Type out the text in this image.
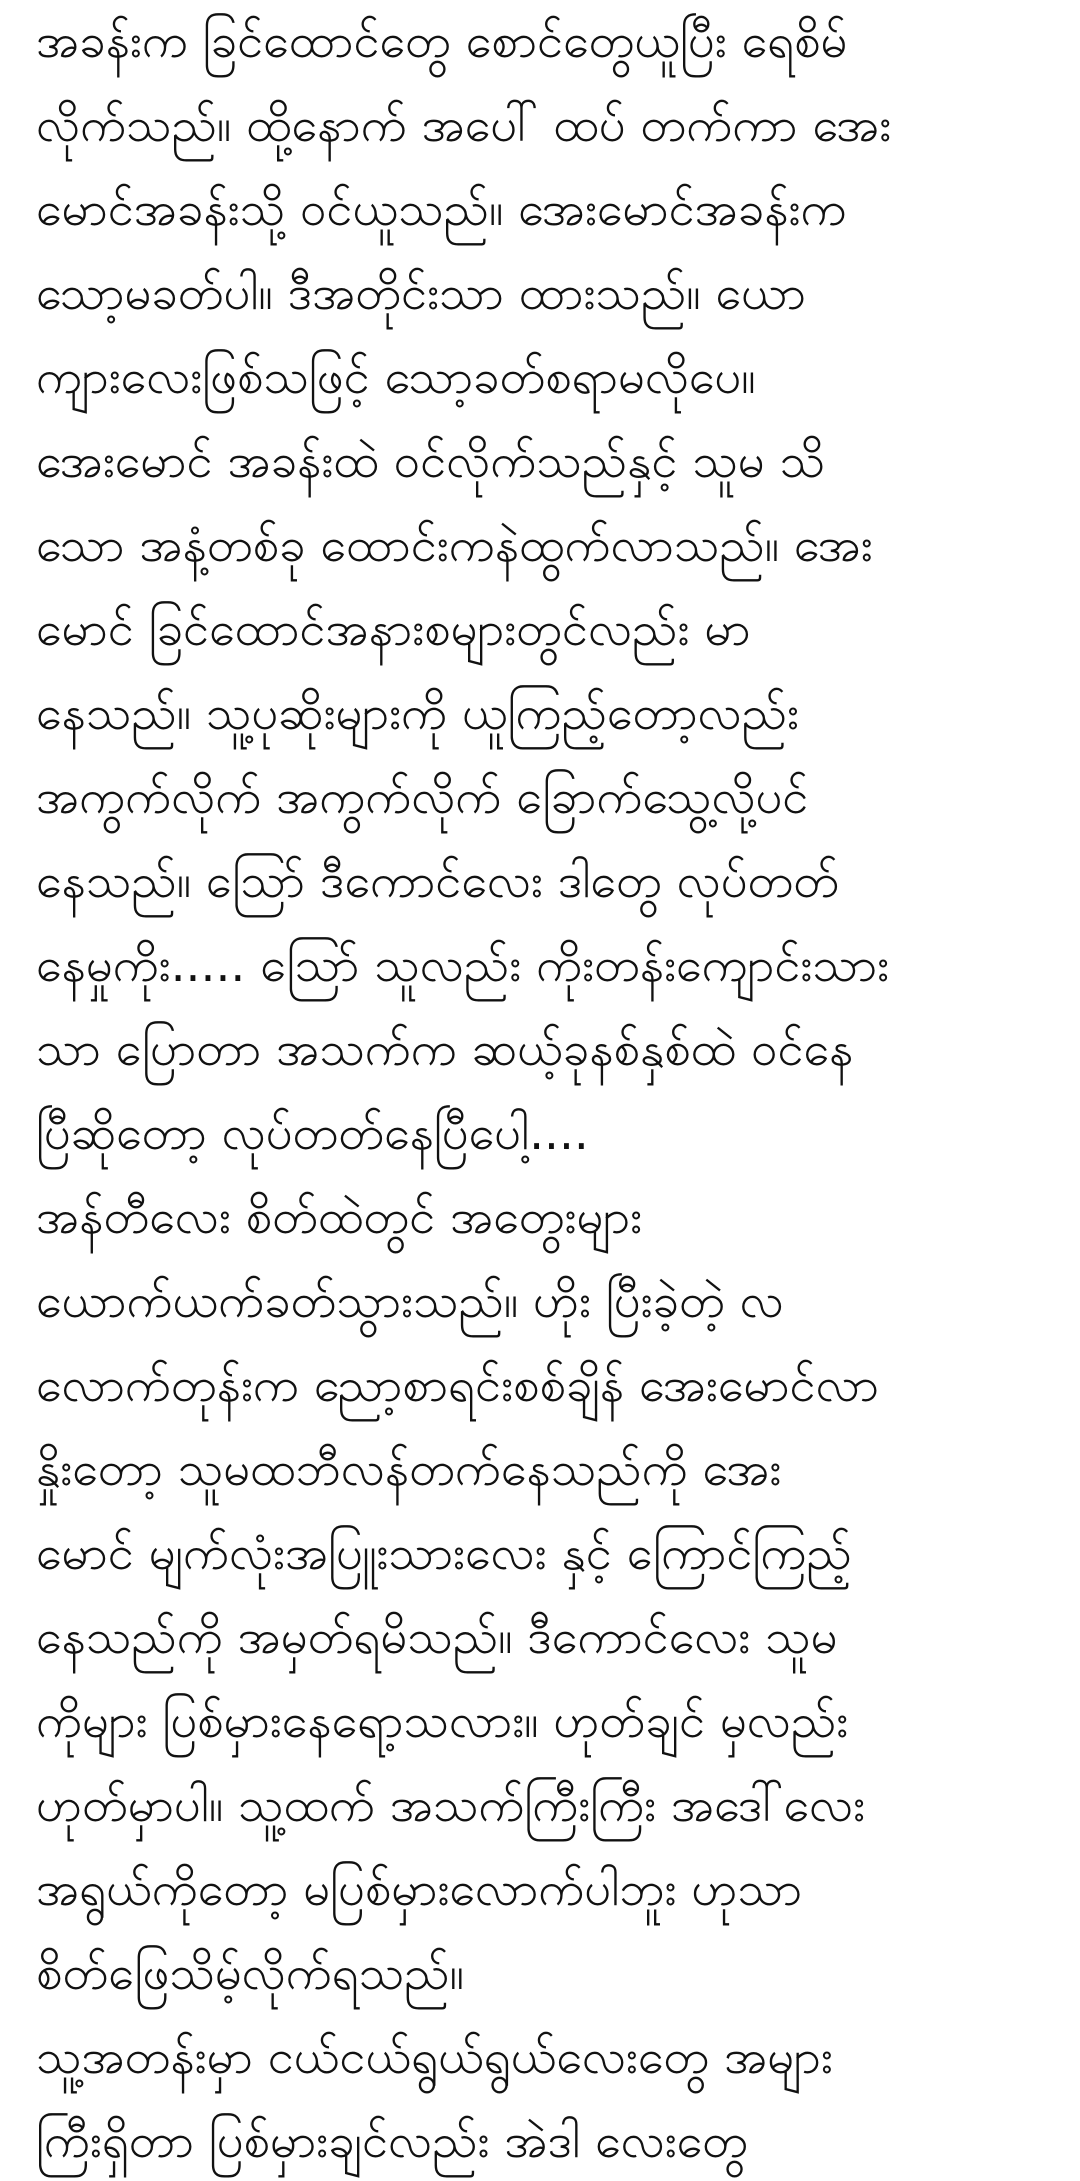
အခန်းက ခြင်ထောင်တွေ စောင်တွေယူပြီး ရေစိမ်
လိုက်သည်။ ထို့နောက် အပေါ် ထပ် တက်ကာ အေး
မောင်အခန်းသို့ ဝင်ယူသည်။ အေးမောင်အခန်းက
သော့မခတ်ပါ။ ဒီအတိုင်းသာ ထားသည်။ ယော
ကျားလေးဖြစ်သဖြင့် သော့ခတ်စရာမလိုပေ။
အေးမောင် အခန်းထဲ ဝင်လိုက်သည်နှင့် သူမ သိ
သော အနံ့တစ်ခု ထောင်းကနဲထွက်လာသည်။ အေး
မောင် ခြင်ထောင်အနားစများတွင်လည်း မာ
နေသည်။ သူ့ပုဆိုးများကို ယူကြည့်တော့လည်း
အကွက်လိုက် အကွက်လိုက် ခြောက်သွေ့လို့ပင်
နေသည်။ ဩော် ဒီကောင်လေး ဒါတွေ လုပ်တတ်
နေမှုကိုး..... ဩော် သူလည်း ကိုးတန်းကျောင်းသား
သာ ပြောတာ အသက်က ဆယ့်ခုနစ်နှစ်ထဲ ဝင်နေ
ပြီဆိုတော့ လုပ်တတ်နေပြီပေါ့....
အန်တီလေး စိတ်ထဲတွင် အတွေးများ
ယောက်ယက်ခတ်သွားသည်။ ဟိုး ပြီးခဲ့တဲ့ လ
လောက်တုန်းက ညော့စာရင်းစစ်ချိန် အေးမောင်လာ
နှိုးတော့ သူမထဘီလန်တက်နေသည်ကို အေး
မောင် မျက်လုံးအပြူးသားလေး နှင့် ကြောင်ကြည့်
နေသည်ကို အမှတ်ရမိသည်။ ဒီကောင်လေး သူမ
ကိုများ ပြစ်မှားနေရော့သလား။ ဟုတ်ချင် မှလည်း
ဟုတ်မှာပါ။ သူ့ထက် အသက်ကြီးကြီး အဒေါ်လေး
အရွယ်ကိုတော့ မပြစ်မှားလောက်ပါဘူး ဟုသာ
စိတ်ဖြေသိမ့်လိုက်ရသည်။
သူ့အတန်းမှာ ငယ်ငယ်ရွယ်ရွယ်လေးတွေ အများ
ကြီးရှိတာ ပြစ်မှားချင်လည်း အဲဒါ လေးတွေ
